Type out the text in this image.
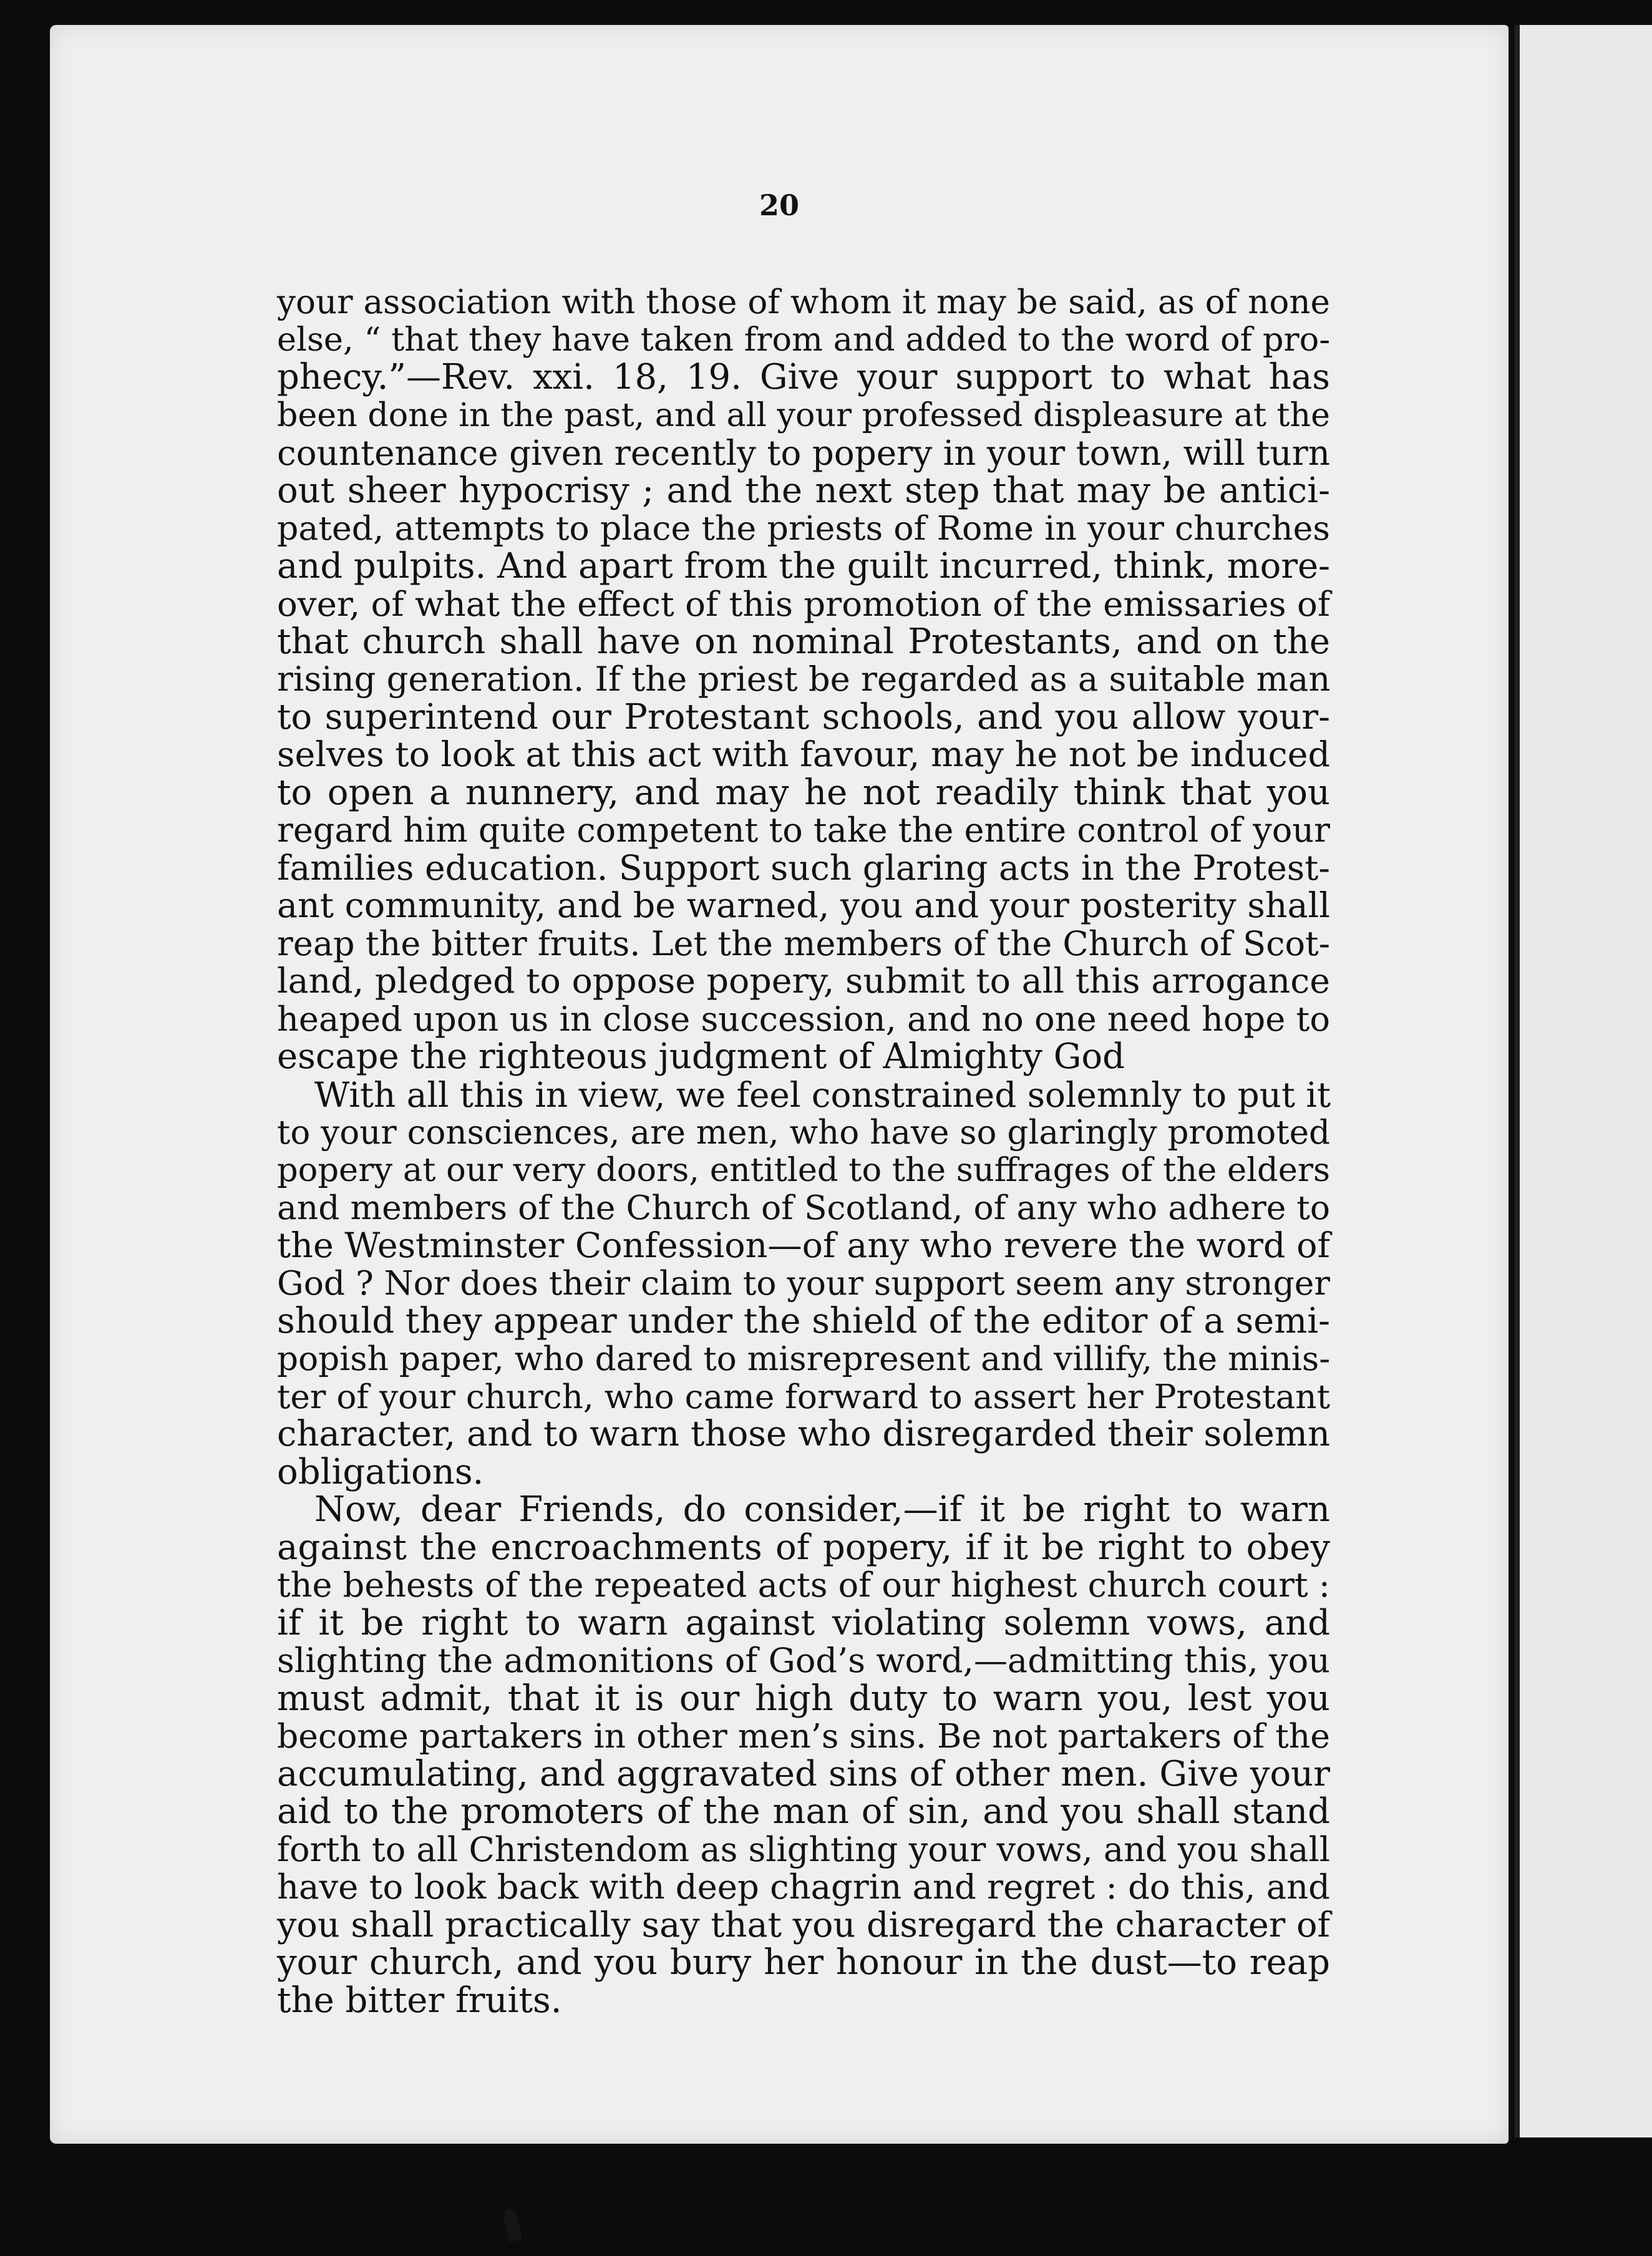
20
your association with those of whom it may be said, as of none
else, “ that they have taken from and added to the word of pro-
phecy.”—Rev. xxi. 18, 19. Give your support to what has
been done in the past, and all your professed displeasure at the
countenance given recently to popery in your town, will turn
out sheer hypocrisy ; and the next step that may be antici-
pated, attempts to place the priests of Rome in your churches
and pulpits. And apart from the guilt incurred, think, more-
over, of what the effect of this promotion of the emissaries of
that church shall have on nominal Protestants, and on the
rising generation. If the priest be regarded as a suitable man
to superintend our Protestant schools, and you allow your-
selves to look at this act with favour, may he not be induced
to open a nunnery, and may he not readily think that you
regard him quite competent to take the entire control of your
families education. Support such glaring acts in the Protest-
ant community, and be warned, you and your posterity shall
reap the bitter fruits. Let the members of the Church of Scot-
land, pledged to oppose popery, submit to all this arrogance
heaped upon us in close succession, and no one need hope to
escape the righteous judgment of Almighty God
With all this in view, we feel constrained solemnly to put it
to your consciences, are men, who have so glaringly promoted
popery at our very doors, entitled to the suffrages of the elders
and members of the Church of Scotland, of any who adhere to
the Westminster Confession—of any who revere the word of
God ? Nor does their claim to your support seem any stronger
should they appear under the shield of the editor of a semi-
popish paper, who dared to misrepresent and villify, the minis-
ter of your church, who came forward to assert her Protestant
character, and to warn those who disregarded their solemn
obligations.
Now, dear Friends, do consider,—if it be right to warn
against the encroachments of popery, if it be right to obey
the behests of the repeated acts of our highest church court :
if it be right to warn against violating solemn vows, and
slighting the admonitions of God’s word,—admitting this, you
must admit, that it is our high duty to warn you, lest you
become partakers in other men’s sins. Be not partakers of the
accumulating, and aggravated sins of other men. Give your
aid to the promoters of the man of sin, and you shall stand
forth to all Christendom as slighting your vows, and you shall
have to look back with deep chagrin and regret : do this, and
you shall practically say that you disregard the character of
your church, and you bury her honour in the dust—to reap
the bitter fruits.
